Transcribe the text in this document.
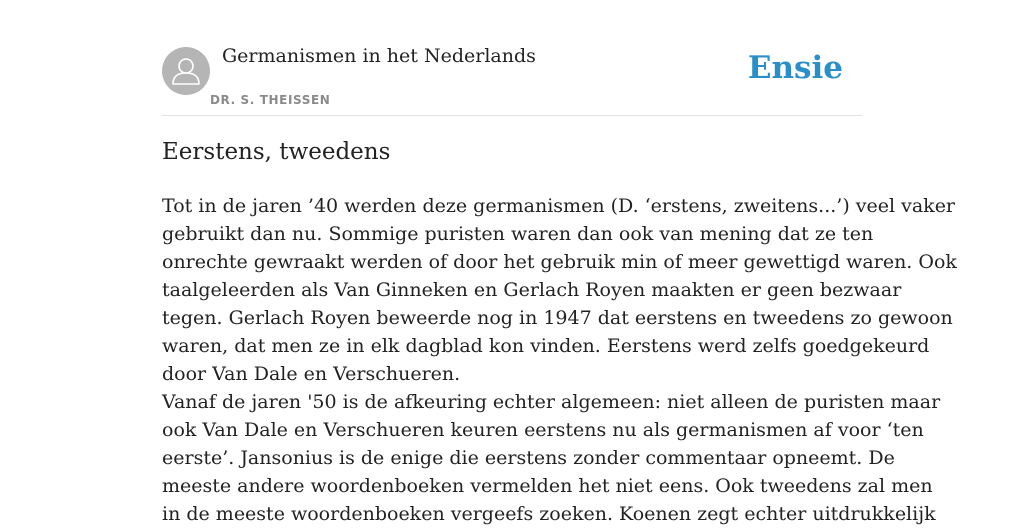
Germanismen in het Nederlands
DR. S. THEISSEN
Ensie
Eerstens, tweedens

Tot in de jaren ’40 werden deze germanismen (D. ‘erstens, zweitens...’) veel vaker
gebruikt dan nu. Sommige puristen waren dan ook van mening dat ze ten
onrechte gewraakt werden of door het gebruik min of meer gewettigd waren. Ook
taalgeleerden als Van Ginneken en Gerlach Royen maakten er geen bezwaar
tegen. Gerlach Royen beweerde nog in 1947 dat eerstens en tweedens zo gewoon
waren, dat men ze in elk dagblad kon vinden. Eerstens werd zelfs goedgekeurd
door Van Dale en Verschueren.

Vanaf de jaren '50 is de afkeuring echter algemeen: niet alleen de puristen maar
ook Van Dale en Verschueren keuren eerstens nu als germanismen af voor ‘ten
eerste’. Jansonius is de enige die eerstens zonder commentaar opneemt. De
meeste andere woordenboeken vermelden het niet eens. Ook tweedens zal men
in de meeste woordenboeken vergeefs zoeken. Koenen zegt echter uitdrukkelijk
